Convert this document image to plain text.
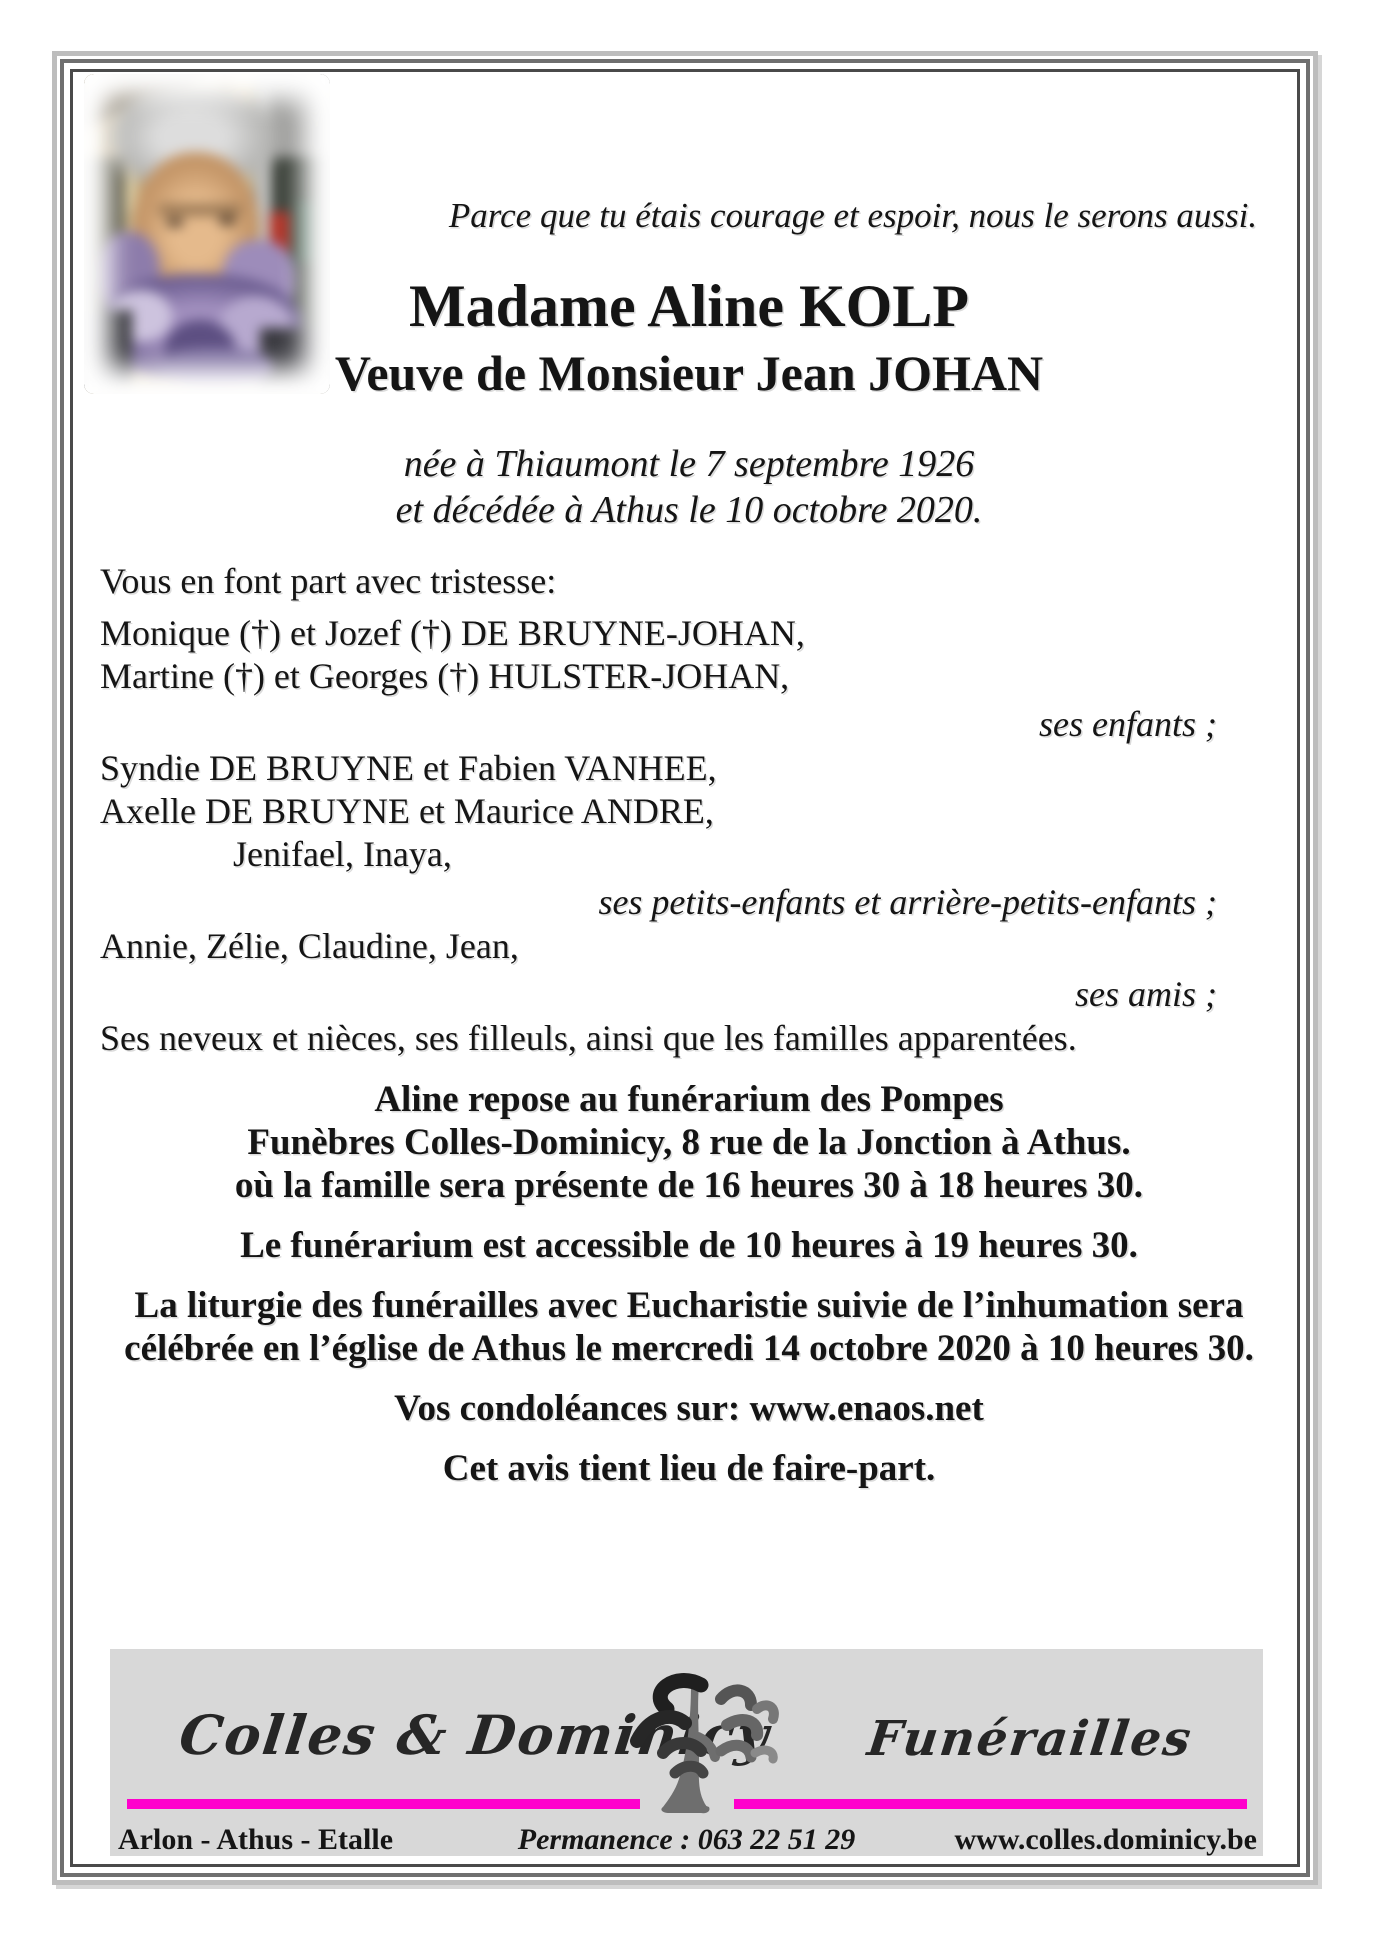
Parce que tu étais courage et espoir, nous le serons aussi.
Madame Aline KOLP
Veuve de Monsieur Jean JOHAN
née à Thiaumont le 7 septembre 1926
et décédée à Athus le 10 octobre 2020.
Vous en font part avec tristesse:
Monique (†) et Jozef (†) DE BRUYNE-JOHAN,
Martine (†) et Georges (†) HULSTER-JOHAN,
ses enfants ;
Syndie DE BRUYNE et Fabien VANHEE,
Axelle DE BRUYNE et Maurice ANDRE,
Jenifael, Inaya,
ses petits-enfants et arrière-petits-enfants ;
Annie, Zélie, Claudine, Jean,
ses amis ;
Ses neveux et nièces, ses filleuls, ainsi que les familles apparentées.
Aline repose au funérarium des Pompes
Funèbres Colles-Dominicy, 8 rue de la Jonction à Athus.
où la famille sera présente de 16 heures 30 à 18 heures 30.
Le funérarium est accessible de 10 heures à 19 heures 30.
La liturgie des funérailles avec Eucharistie suivie de l’inhumation sera
célébrée en l’église de Athus le mercredi 14 octobre 2020 à 10 heures 30.
Vos condoléances sur: www.enaos.net
Cet avis tient lieu de faire-part.
Colles & Dominicy Funérailles
Arlon - Athus - Etalle	Permanence : 063 22 51 29	www.colles.dominicy.be
